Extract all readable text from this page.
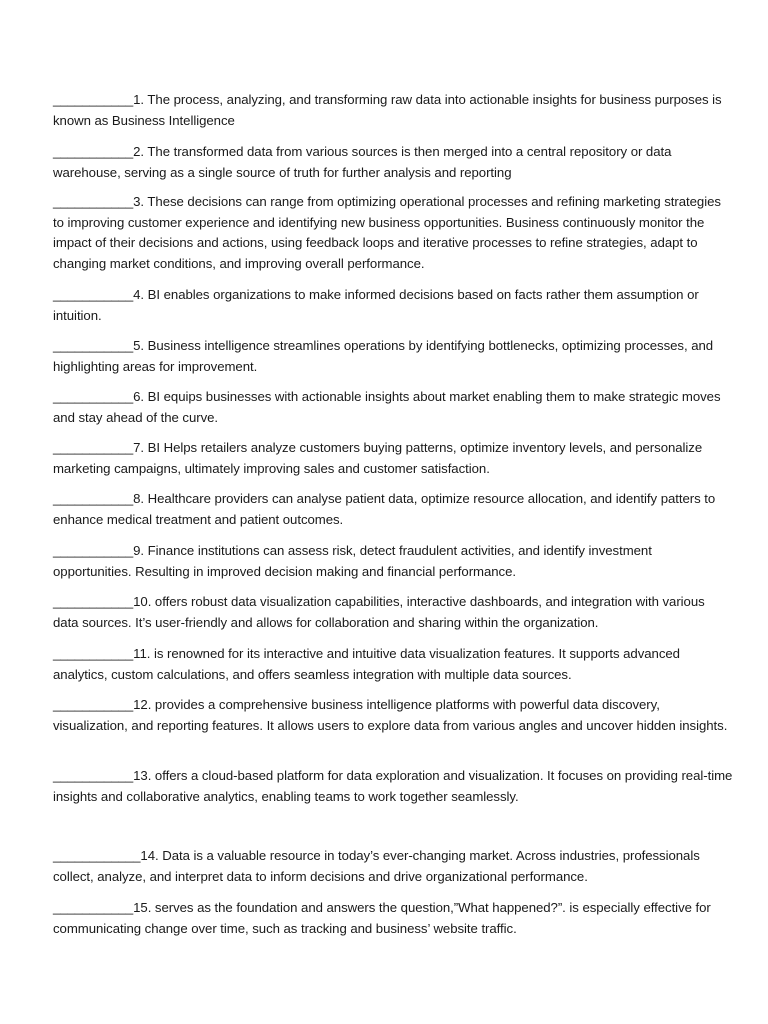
___________1. The process, analyzing, and transforming raw data into actionable insights for business purposes is known as Business Intelligence

___________2. The transformed data from various sources is then merged into a central repository or data warehouse, serving as a single source of truth for further analysis and reporting

___________3. These decisions can range from optimizing operational processes and refining marketing strategies to improving customer experience and identifying new business opportunities. Business continuously monitor the impact of their decisions and actions, using feedback loops and iterative processes to refine strategies, adapt to changing market conditions, and improving overall performance.

___________4. BI enables organizations to make informed decisions based on facts rather them assumption or intuition.

___________5. Business intelligence streamlines operations by identifying bottlenecks, optimizing processes, and highlighting areas for improvement.

___________6. BI equips businesses with actionable insights about market enabling them to make strategic moves and stay ahead of the curve.

___________7. BI Helps retailers analyze customers buying patterns, optimize inventory levels, and personalize marketing campaigns, ultimately improving sales and customer satisfaction.

___________8. Healthcare providers can analyse patient data, optimize resource allocation, and identify patters to enhance medical treatment and patient outcomes.

___________9. Finance institutions can assess risk, detect fraudulent activities, and identify investment opportunities. Resulting in improved decision making and financial performance.

___________10. offers robust data visualization capabilities, interactive dashboards, and integration with various data sources. It’s user-friendly and allows for collaboration and sharing within the organization.

___________11. is renowned for its interactive and intuitive data visualization features. It supports advanced analytics, custom calculations, and offers seamless integration with multiple data sources.

___________12. provides a comprehensive business intelligence platforms with powerful data discovery, visualization, and reporting features. It allows users to explore data from various angles and uncover hidden insights.

___________13. offers a cloud-based platform for data exploration and visualization. It focuses on providing real-time insights and collaborative analytics, enabling teams to work together seamlessly.

____________14. Data is a valuable resource in today’s ever-changing market. Across industries, professionals collect, analyze, and interpret data to inform decisions and drive organizational performance.

___________15. serves as the foundation and answers the question,”What happened?”. is especially effective for communicating change over time, such as tracking and business’ website traffic.
